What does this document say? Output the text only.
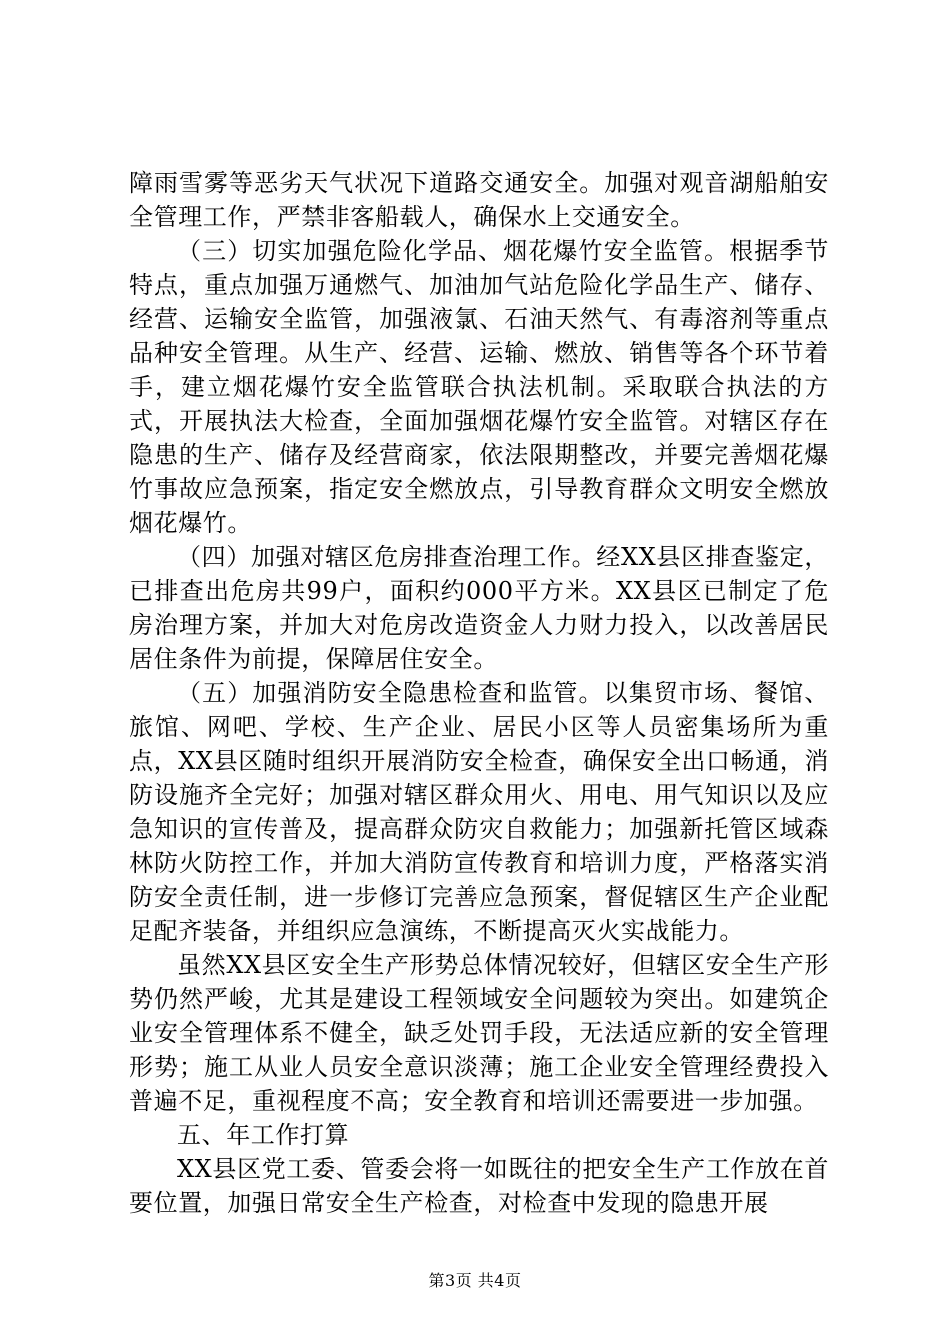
障雨雪雾等恶劣天气状况下道路交通安全。加强对观音湖船舶安全管理工作，严禁非客船载人，确保水上交通安全。

（三）切实加强危险化学品、烟花爆竹安全监管。根据季节特点，重点加强万通燃气、加油加气站危险化学品生产、储存、经营、运输安全监管，加强液氯、石油天然气、有毒溶剂等重点品种安全管理。从生产、经营、运输、燃放、销售等各个环节着手，建立烟花爆竹安全监管联合执法机制。采取联合执法的方式，开展执法大检查，全面加强烟花爆竹安全监管。对辖区存在隐患的生产、储存及经营商家，依法限期整改，并要完善烟花爆竹事故应急预案，指定安全燃放点，引导教育群众文明安全燃放烟花爆竹。

（四）加强对辖区危房排查治理工作。经XX县区排查鉴定，已排查出危房共99户，面积约000平方米。XX县区已制定了危房治理方案，并加大对危房改造资金人力财力投入，以改善居民居住条件为前提，保障居住安全。

（五）加强消防安全隐患检查和监管。以集贸市场、餐馆、旅馆、网吧、学校、生产企业、居民小区等人员密集场所为重点，XX县区随时组织开展消防安全检查，确保安全出口畅通，消防设施齐全完好；加强对辖区群众用火、用电、用气知识以及应急知识的宣传普及，提高群众防灾自救能力；加强新托管区域森林防火防控工作，并加大消防宣传教育和培训力度，严格落实消防安全责任制，进一步修订完善应急预案，督促辖区生产企业配足配齐装备，并组织应急演练，不断提高灭火实战能力。

虽然XX县区安全生产形势总体情况较好，但辖区安全生产形势仍然严峻，尤其是建设工程领域安全问题较为突出。如建筑企业安全管理体系不健全，缺乏处罚手段，无法适应新的安全管理形势；施工从业人员安全意识淡薄；施工企业安全管理经费投入普遍不足，重视程度不高；安全教育和培训还需要进一步加强。

五、年工作打算

XX县区党工委、管委会将一如既往的把安全生产工作放在首要位置，加强日常安全生产检查，对检查中发现的隐患开展

第3页 共4页
